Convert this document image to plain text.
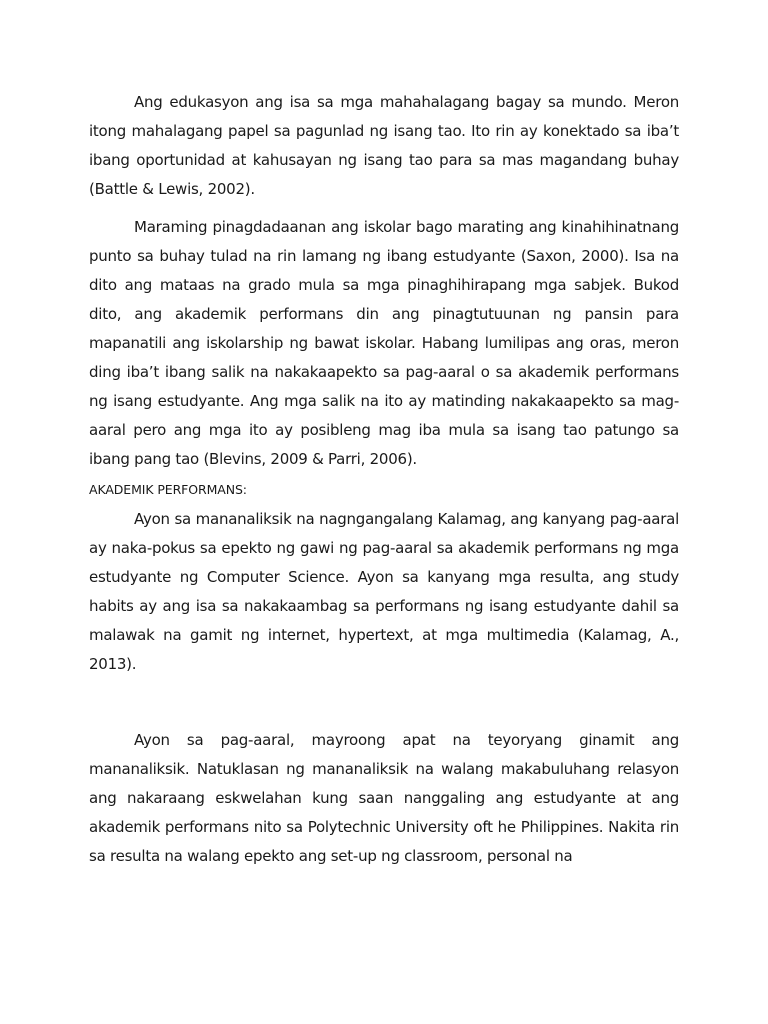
Ang edukasyon ang isa sa mga mahahalagang bagay sa mundo. Meron itong mahalagang papel sa pagunlad ng isang tao. Ito rin ay konektado sa iba’t ibang oportunidad at kahusayan ng isang tao para sa mas magandang buhay (Battle & Lewis, 2002).

Maraming pinagdadaanan ang iskolar bago marating ang kinahihinatnang punto sa buhay tulad na rin lamang ng ibang estudyante (Saxon, 2000). Isa na dito ang mataas na grado mula sa mga pinaghihirapang mga sabjek. Bukod dito, ang akademik performans din ang pinagtutuunan ng pansin para mapanatili ang iskolarship ng bawat iskolar. Habang lumilipas ang oras, meron ding iba’t ibang salik na nakakaapekto sa pag-aaral o sa akademik performans ng isang estudyante. Ang mga salik na ito ay matinding nakakaapekto sa mag-aaral pero ang mga ito ay posibleng mag iba mula sa isang tao patungo sa ibang pang tao (Blevins, 2009 & Parri, 2006).

AKADEMIK PERFORMANS:

Ayon sa mananaliksik na nagngangalang Kalamag, ang kanyang pag-aaral ay naka-pokus sa epekto ng gawi ng pag-aaral sa akademik performans ng mga estudyante ng Computer Science. Ayon sa kanyang mga resulta, ang study habits ay ang isa sa nakakaambag sa performans ng isang estudyante dahil sa malawak na gamit ng internet, hypertext, at mga multimedia (Kalamag, A., 2013).

Ayon sa pag-aaral, mayroong apat na teyoryang ginamit ang mananaliksik. Natuklasan ng mananaliksik na walang makabuluhang relasyon ang nakaraang eskwelahan kung saan nanggaling ang estudyante at ang akademik performans nito sa Polytechnic University oft he Philippines. Nakita rin sa resulta na walang epekto ang set-up ng classroom, personal na
